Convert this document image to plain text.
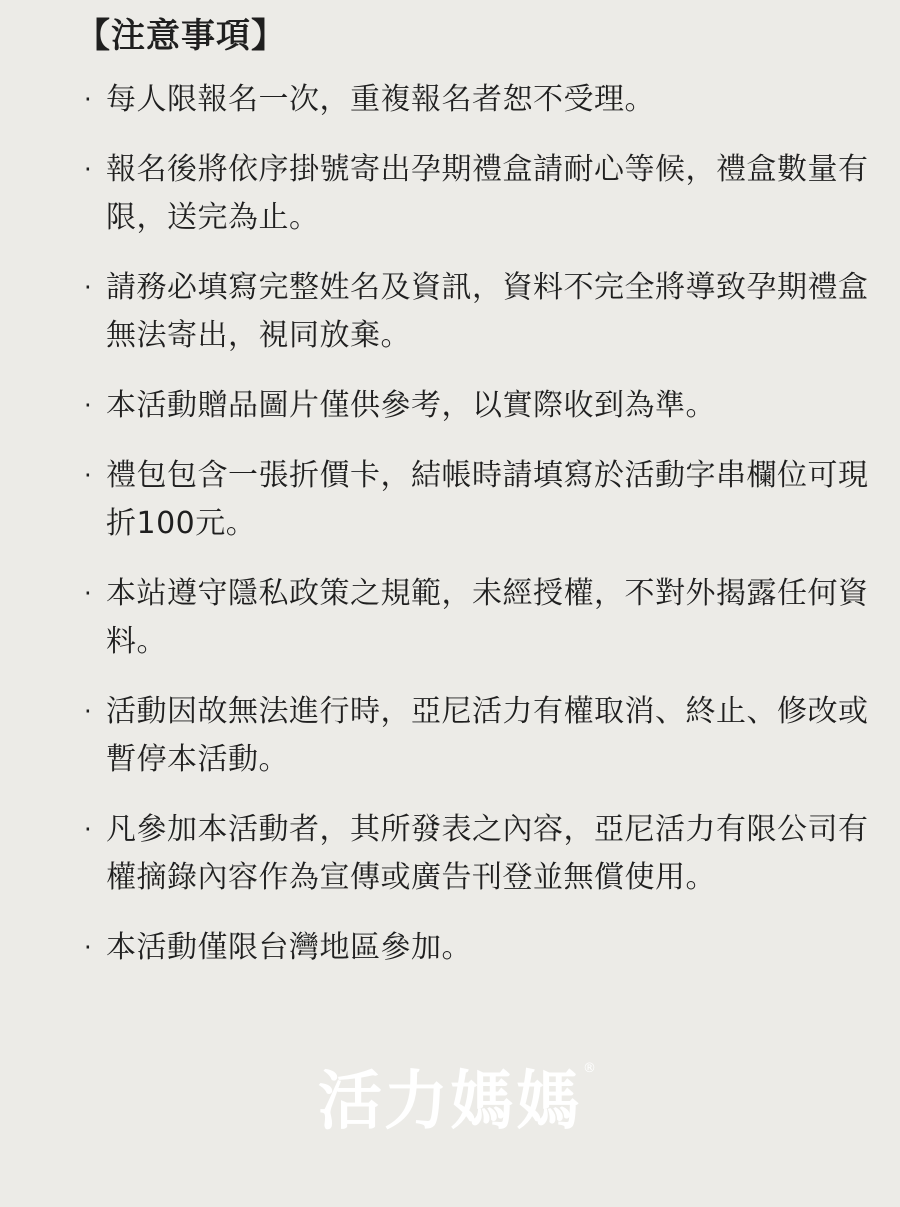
【注意事項】
‧ 每人限報名一次，重複報名者恕不受理。
‧ 報名後將依序掛號寄出孕期禮盒請耐心等候，禮盒數量有限，送完為止。
‧ 請務必填寫完整姓名及資訊，資料不完全將導致孕期禮盒無法寄出，視同放棄。
‧ 本活動贈品圖片僅供參考，以實際收到為準。
‧ 禮包包含一張折價卡，結帳時請填寫於活動字串欄位可現折100元。
‧ 本站遵守隱私政策之規範，未經授權，不對外揭露任何資料。
‧ 活動因故無法進行時，亞尼活力有權取消、終止、修改或暫停本活動。
‧ 凡參加本活動者，其所發表之內容，亞尼活力有限公司有權摘錄內容作為宣傳或廣告刊登並無償使用。
‧ 本活動僅限台灣地區參加。
活力媽媽 ®
